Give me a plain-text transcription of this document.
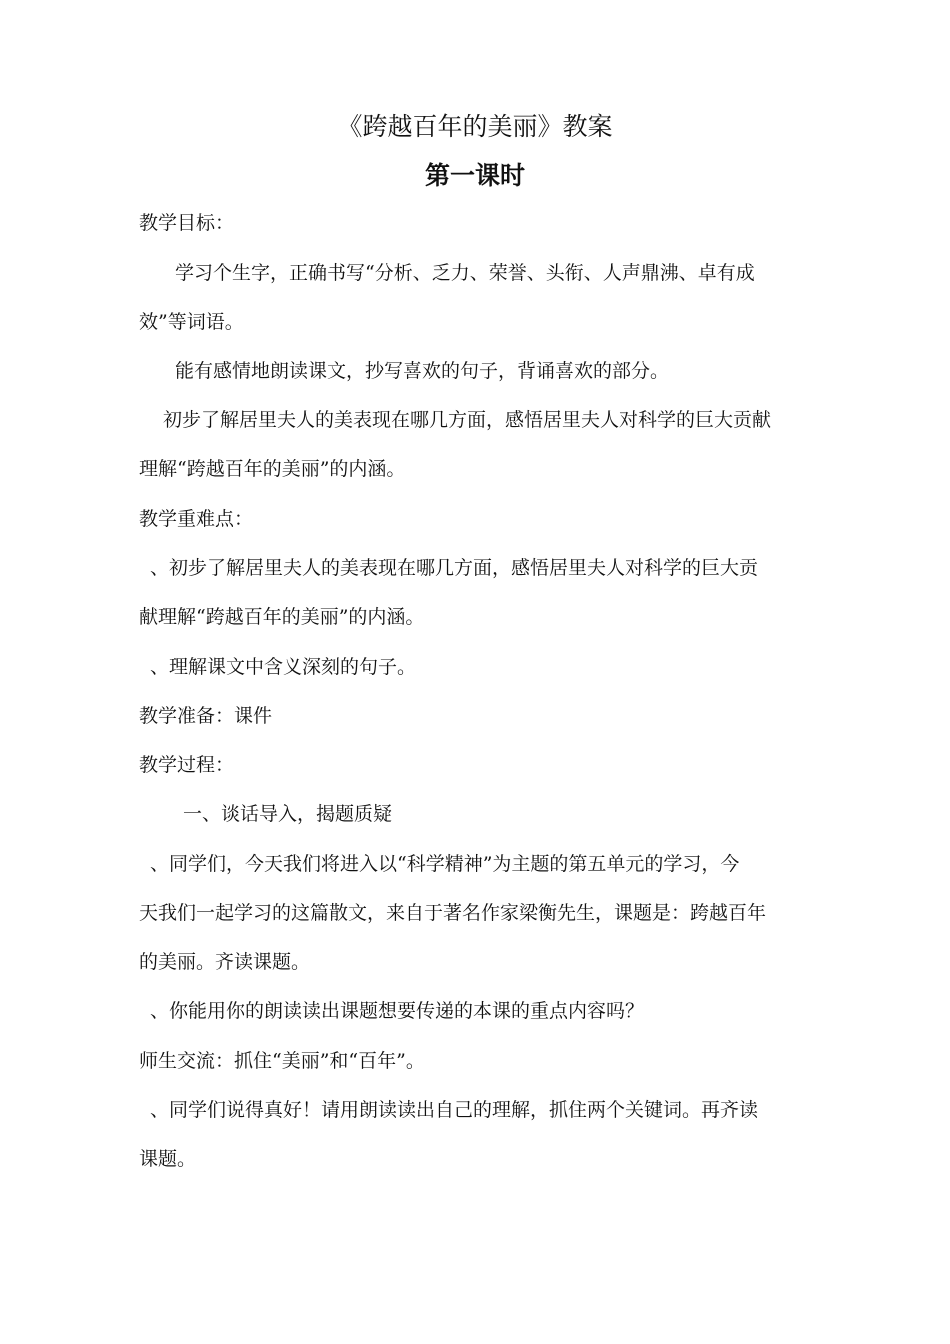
《跨越百年的美丽》教案
第一课时
教学目标：
学习个生字，正确书写“分析、乏力、荣誉、头衔、人声鼎沸、卓有成
效”等词语。
能有感情地朗读课文，抄写喜欢的句子，背诵喜欢的部分。
初步了解居里夫人的美表现在哪几方面，感悟居里夫人对科学的巨大贡献
理解“跨越百年的美丽”的内涵。
教学重难点：
、初步了解居里夫人的美表现在哪几方面，感悟居里夫人对科学的巨大贡
献理解“跨越百年的美丽”的内涵。
、理解课文中含义深刻的句子。
教学准备：课件
教学过程：
一、谈话导入，揭题质疑
、同学们，今天我们将进入以“科学精神”为主题的第五单元的学习，今
天我们一起学习的这篇散文，来自于著名作家梁衡先生，课题是：跨越百年
的美丽。齐读课题。
、你能用你的朗读读出课题想要传递的本课的重点内容吗？
师生交流：抓住“美丽”和“百年”。
、同学们说得真好！请用朗读读出自己的理解，抓住两个关键词。再齐读
课题。
